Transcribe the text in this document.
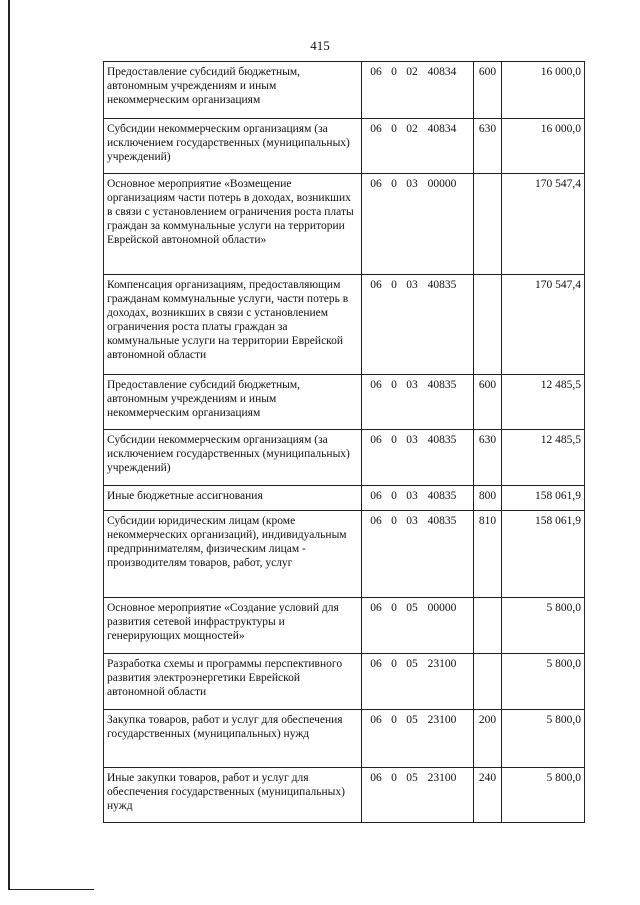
415
Предоставление субсидий бюджетным, автономным учреждениям и иным некоммерческим организациям	06 0 02 40834	600	16 000,0
Субсидии некоммерческим организациям (за исключением государственных (муниципальных) учреждений)	06 0 02 40834	630	16 000,0
Основное мероприятие «Возмещение организациям части потерь в доходах, возникших в связи с установлением ограничения роста платы граждан за коммунальные услуги на территории Еврейской автономной области»	06 0 03 00000		170 547,4
Компенсация организациям, предоставляющим гражданам коммунальные услуги, части потерь в доходах, возникших в связи с установлением ограничения роста платы граждан за коммунальные услуги на территории Еврейской автономной области	06 0 03 40835		170 547,4
Предоставление субсидий бюджетным, автономным учреждениям и иным некоммерческим организациям	06 0 03 40835	600	12 485,5
Субсидии некоммерческим организациям (за исключением государственных (муниципальных) учреждений)	06 0 03 40835	630	12 485,5
Иные бюджетные ассигнования	06 0 03 40835	800	158 061,9
Субсидии юридическим лицам (кроме некоммерческих организаций), индивидуальным предпринимателям, физическим лицам - производителям товаров, работ, услуг	06 0 03 40835	810	158 061,9
Основное мероприятие «Создание условий для развития сетевой инфраструктуры и генерирующих мощностей»	06 0 05 00000		5 800,0
Разработка схемы и программы перспективного развития электроэнергетики Еврейской автономной области	06 0 05 23100		5 800,0
Закупка товаров, работ и услуг для обеспечения государственных (муниципальных) нужд	06 0 05 23100	200	5 800,0
Иные закупки товаров, работ и услуг для обеспечения государственных (муниципальных) нужд	06 0 05 23100	240	5 800,0
